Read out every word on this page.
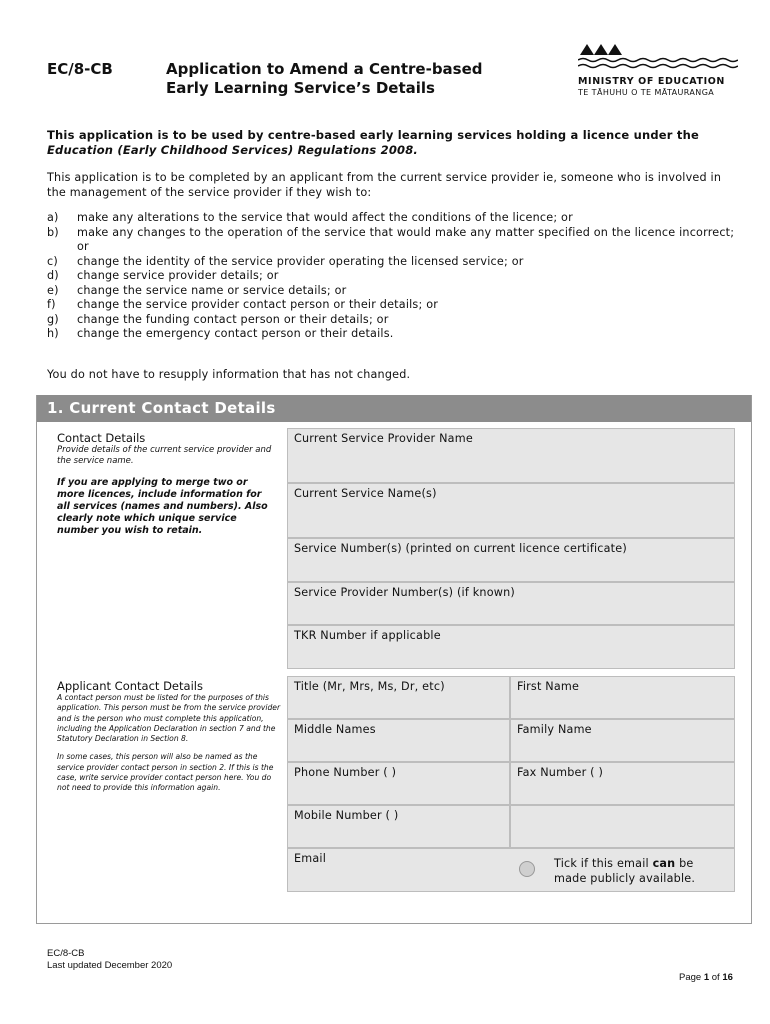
EC/8-CB	Application to Amend a Centre-based Early Learning Service’s Details	MINISTRY OF EDUCATION
TE TĀHUHU O TE MĀTAURANGA
This application is to be used by centre-based early learning services holding a licence under the Education (Early Childhood Services) Regulations 2008.
This application is to be completed by an applicant from the current service provider ie, someone who is involved in the management of the service provider if they wish to:
a)	make any alterations to the service that would affect the conditions of the licence; or
b)	make any changes to the operation of the service that would make any matter specified on the licence incorrect; or
c)	change the identity of the service provider operating the licensed service; or
d)	change service provider details; or
e)	change the service name or service details; or
f)	change the service provider contact person or their details; or
g)	change the funding contact person or their details; or
h)	change the emergency contact person or their details.
You do not have to resupply information that has not changed.
1. Current Contact Details
Contact Details
Provide details of the current service provider and the service name.
If you are applying to merge two or more licences, include information for all services (names and numbers). Also clearly note which unique service number you wish to retain.
Current Service Provider Name
Current Service Name(s)
Service Number(s) (printed on current licence certificate)
Service Provider Number(s) (if known)
TKR Number if applicable
Applicant Contact Details
A contact person must be listed for the purposes of this application. This person must be from the service provider and is the person who must complete this application, including the Application Declaration in section 7 and the Statutory Declaration in Section 8.
In some cases, this person will also be named as the service provider contact person in section 2. If this is the case, write service provider contact person here. You do not need to provide this information again.
Title (Mr, Mrs, Ms, Dr, etc)	First Name
Middle Names	Family Name
Phone Number ( )	Fax Number ( )
Mobile Number ( )
Email	Tick if this email can be made publicly available.
EC/8-CB
Last updated December 2020
Page 1 of 16
